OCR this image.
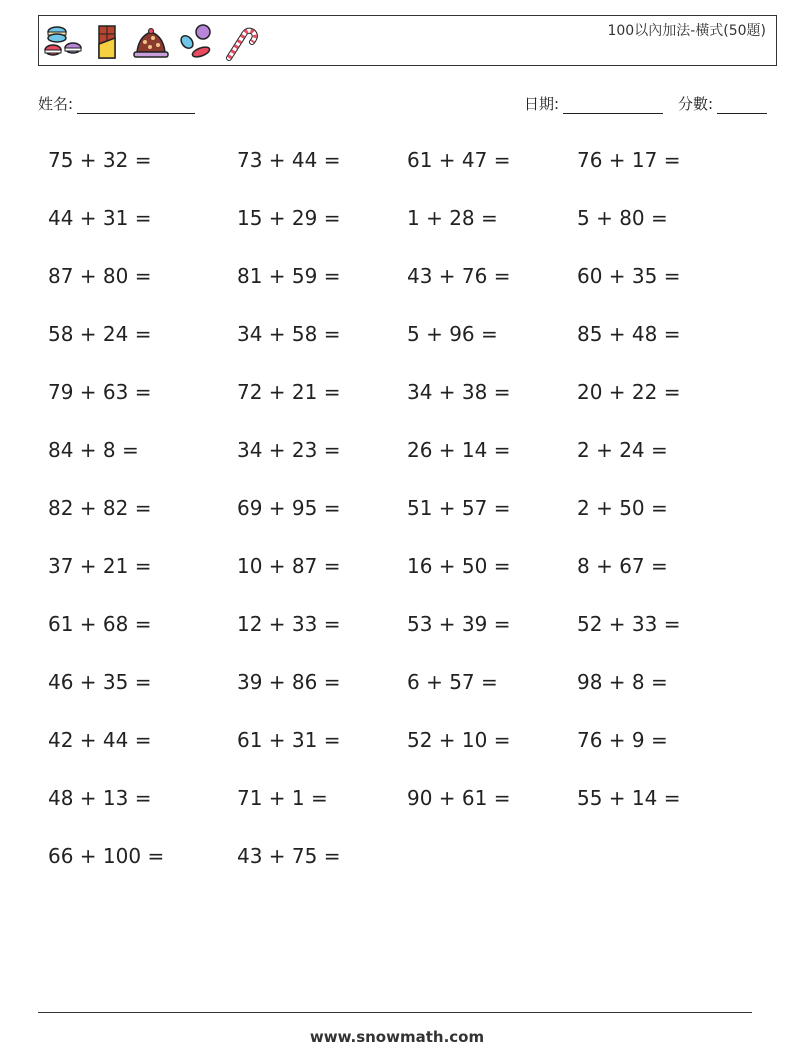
100以內加法-橫式(50題)
姓名:	日期:	分數:
75 + 32 =	73 + 44 =	61 + 47 =	76 + 17 =
44 + 31 =	15 + 29 =	1 + 28 =	5 + 80 =
87 + 80 =	81 + 59 =	43 + 76 =	60 + 35 =
58 + 24 =	34 + 58 =	5 + 96 =	85 + 48 =
79 + 63 =	72 + 21 =	34 + 38 =	20 + 22 =
84 + 8 =	34 + 23 =	26 + 14 =	2 + 24 =
82 + 82 =	69 + 95 =	51 + 57 =	2 + 50 =
37 + 21 =	10 + 87 =	16 + 50 =	8 + 67 =
61 + 68 =	12 + 33 =	53 + 39 =	52 + 33 =
46 + 35 =	39 + 86 =	6 + 57 =	98 + 8 =
42 + 44 =	61 + 31 =	52 + 10 =	76 + 9 =
48 + 13 =	71 + 1 =	90 + 61 =	55 + 14 =
66 + 100 =	43 + 75 =
www.snowmath.com
